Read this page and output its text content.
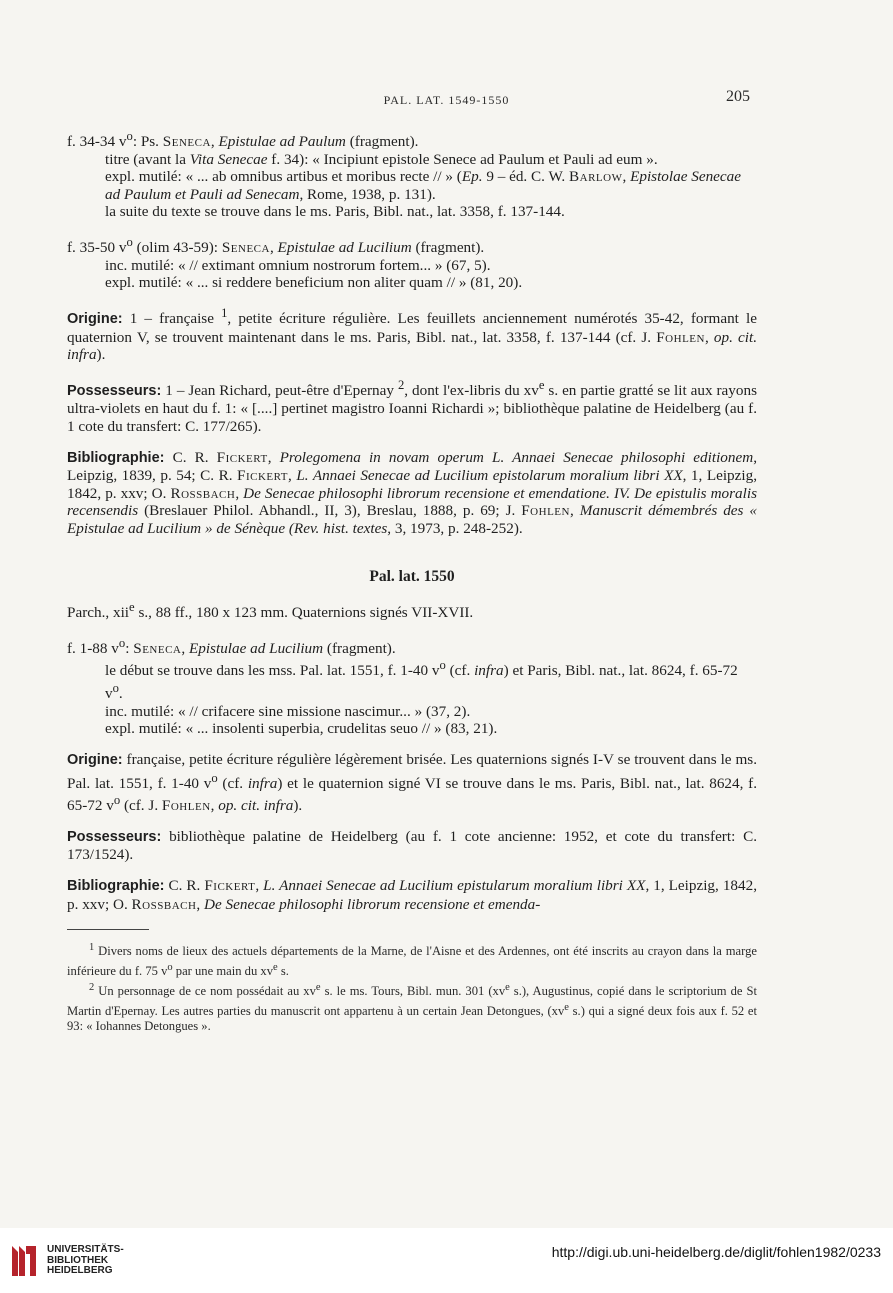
PAL. LAT. 1549-1550	205

f. 34-34 $v^o$: Ps. Seneca, Epistulae ad Paulum (fragment).

titre (avant la Vita Senecae f. 34): « Incipiunt epistole Senece ad Paulum et Pauli ad eum ».

expl. mutilé: « ... ab omnibus artibus et moribus recte // » (Ep. 9 – éd. C. W. Barlow, Epistolae Senecae ad Paulum et Pauli ad Senecam, Rome, 1938, p. 131).

la suite du texte se trouve dans le ms. Paris, Bibl. nat., lat. 3358, f. 137-144.

f. 35-50 $v^o$ (olim 43-59): Seneca, Epistulae ad Lucilium (fragment).

inc. mutilé: « // extimant omnium nostrorum fortem... » (67, 5).

expl. mutilé: « ... si reddere beneficium non aliter quam // » (81, 20).

Origine: 1 – française $^1$, petite écriture régulière. Les feuillets anciennement numérotés 35-42, formant le quaternion V, se trouvent maintenant dans le ms. Paris, Bibl. nat., lat. 3358, f. 137-144 (cf. J. Fohlen, op. cit. infra).

Possesseurs: 1 – Jean Richard, peut-être d'Epernay $^2$, dont l'ex-libris du $xv^e$ s. en partie gratté se lit aux rayons ultra-violets en haut du f. 1: « [....] pertinet magistro Ioanni Richardi »; bibliothèque palatine de Heidelberg (au f. 1 cote du transfert: C. 177/265).

Bibliographie: C. R. Fickert, Prolegomena in novam operum L. Annaei Senecae philosophi editionem, Leipzig, 1839, p. 54; C. R. Fickert, L. Annaei Senecae ad Lucilium epistolarum moralium libri XX, 1, Leipzig, 1842, p. xxv; O. Rossbach, De Senecae philosophi librorum recensione et emendatione. IV. De epistulis moralis recensendis (Breslauer Philol. Abhandl., II, 3), Breslau, 1888, p. 69; J. Fohlen, Manuscrit démembrés des « Epistulae ad Lucilium » de Sénèque (Rev. hist. textes, 3, 1973, p. 248-252).

Pal. lat. 1550

Parch., xii$^e$ s., 88 ff., 180 x 123 mm. Quaternions signés VII-XVII.

f. 1-88 $v^o$: Seneca, Epistulae ad Lucilium (fragment).

le début se trouve dans les mss. Pal. lat. 1551, f. 1-40 $v^o$ (cf. infra) et Paris, Bibl. nat., lat. 8624, f. 65-72 $v^o$.

inc. mutilé: « // crifacere sine missione nascimur... » (37, 2).

expl. mutilé: « ... insolenti superbia, crudelitas seuo // » (83, 21).

Origine: française, petite écriture régulière légèrement brisée. Les quaternions signés I-V se trouvent dans le ms. Pal. lat. 1551, f. 1-40 $v^o$ (cf. infra) et le quaternion signé VI se trouve dans le ms. Paris, Bibl. nat., lat. 8624, f. 65-72 $v^o$ (cf. J. Fohlen, op. cit. infra).

Possesseurs: bibliothèque palatine de Heidelberg (au f. 1 cote ancienne: 1952, et cote du transfert: C. 173/1524).

Bibliographie: C. R. Fickert, L. Annaei Senecae ad Lucilium epistularum moralium libri XX, 1, Leipzig, 1842, p. xxv; O. Rossbach, De Senecae philosophi librorum recensione et emenda-

$^1$ Divers noms de lieux des actuels départements de la Marne, de l'Aisne et des Ardennes, ont été inscrits au crayon dans la marge inférieure du f. 75 $v^o$ par une main du $xv^e$ s.

$^2$ Un personnage de ce nom possédait au $xv^e$ s. le ms. Tours, Bibl. mun. 301 ($xv^e$ s.), Augustinus, copié dans le scriptorium de St Martin d'Epernay. Les autres parties du manuscrit ont appartenu à un certain Jean Detongues, ($xv^e$ s.) qui a signé deux fois aux f. 52 et 93: « Iohannes Detongues ».

UNIVERSITÄTS-
BIBLIOTHEK
HEIDELBERG
http://digi.ub.uni-heidelberg.de/diglit/fohlen1982/0233
